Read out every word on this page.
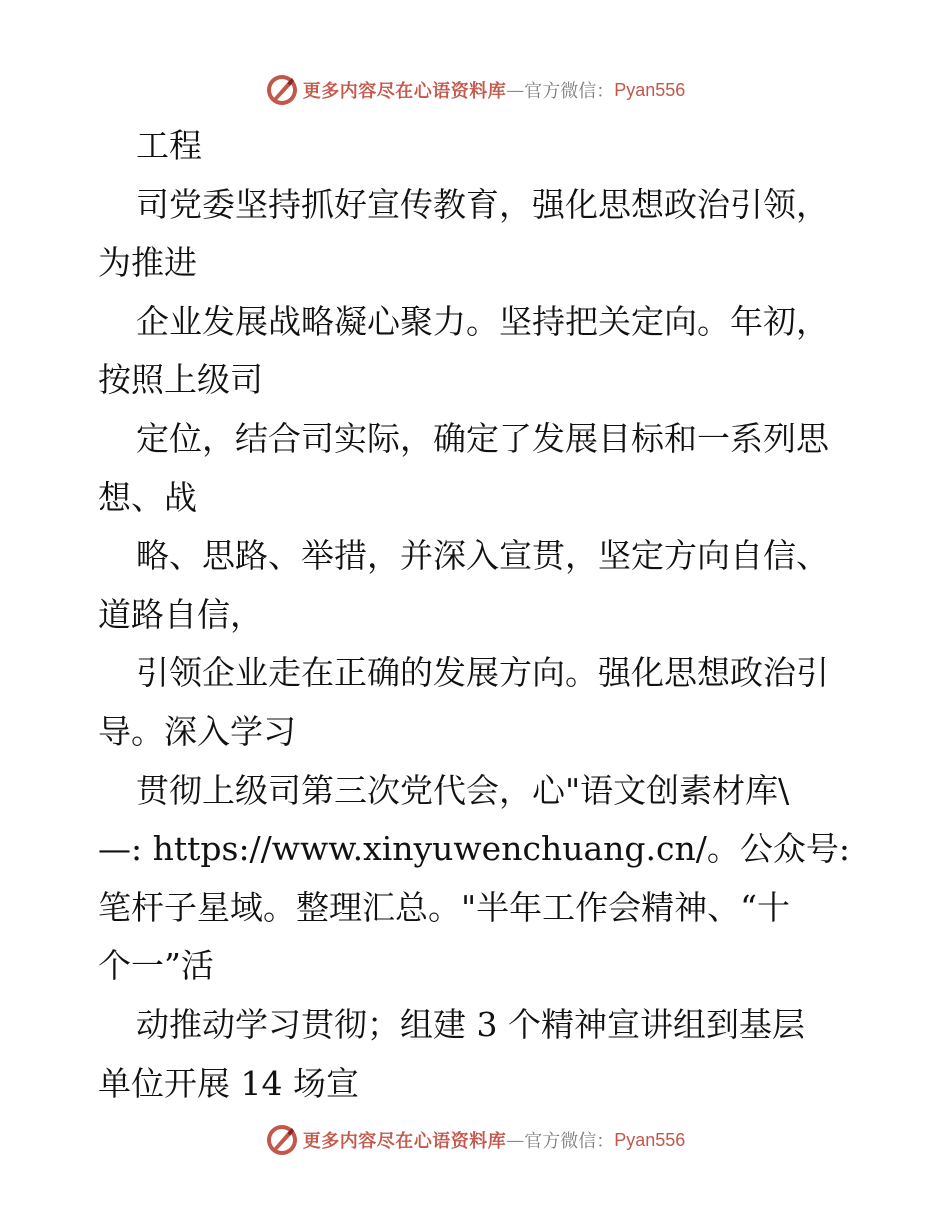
更多内容尽在心语资料库 — 官方微信： Pyan556
工程
司党委坚持抓好宣传教育，强化思想政治引领，
为推进
企业发展战略凝心聚力。坚持把关定向。年初，
按照上级司
定位，结合司实际，确定了发展目标和一系列思
想、战
略、思路、举措，并深入宣贯，坚定方向自信、
道路自信，
引领企业走在正确的发展方向。强化思想政治引
导。深入学习
贯彻上级司第三次党代会，心"语文创素材库\
—: https://www.xinyuwenchuang.cn/。公众号:
笔杆子星域。整理汇总。"半年工作会精神、“十
个一”活
动推动学习贯彻；组建 3 个精神宣讲组到基层
单位开展 14 场宣
更多内容尽在心语资料库 — 官方微信： Pyan556
